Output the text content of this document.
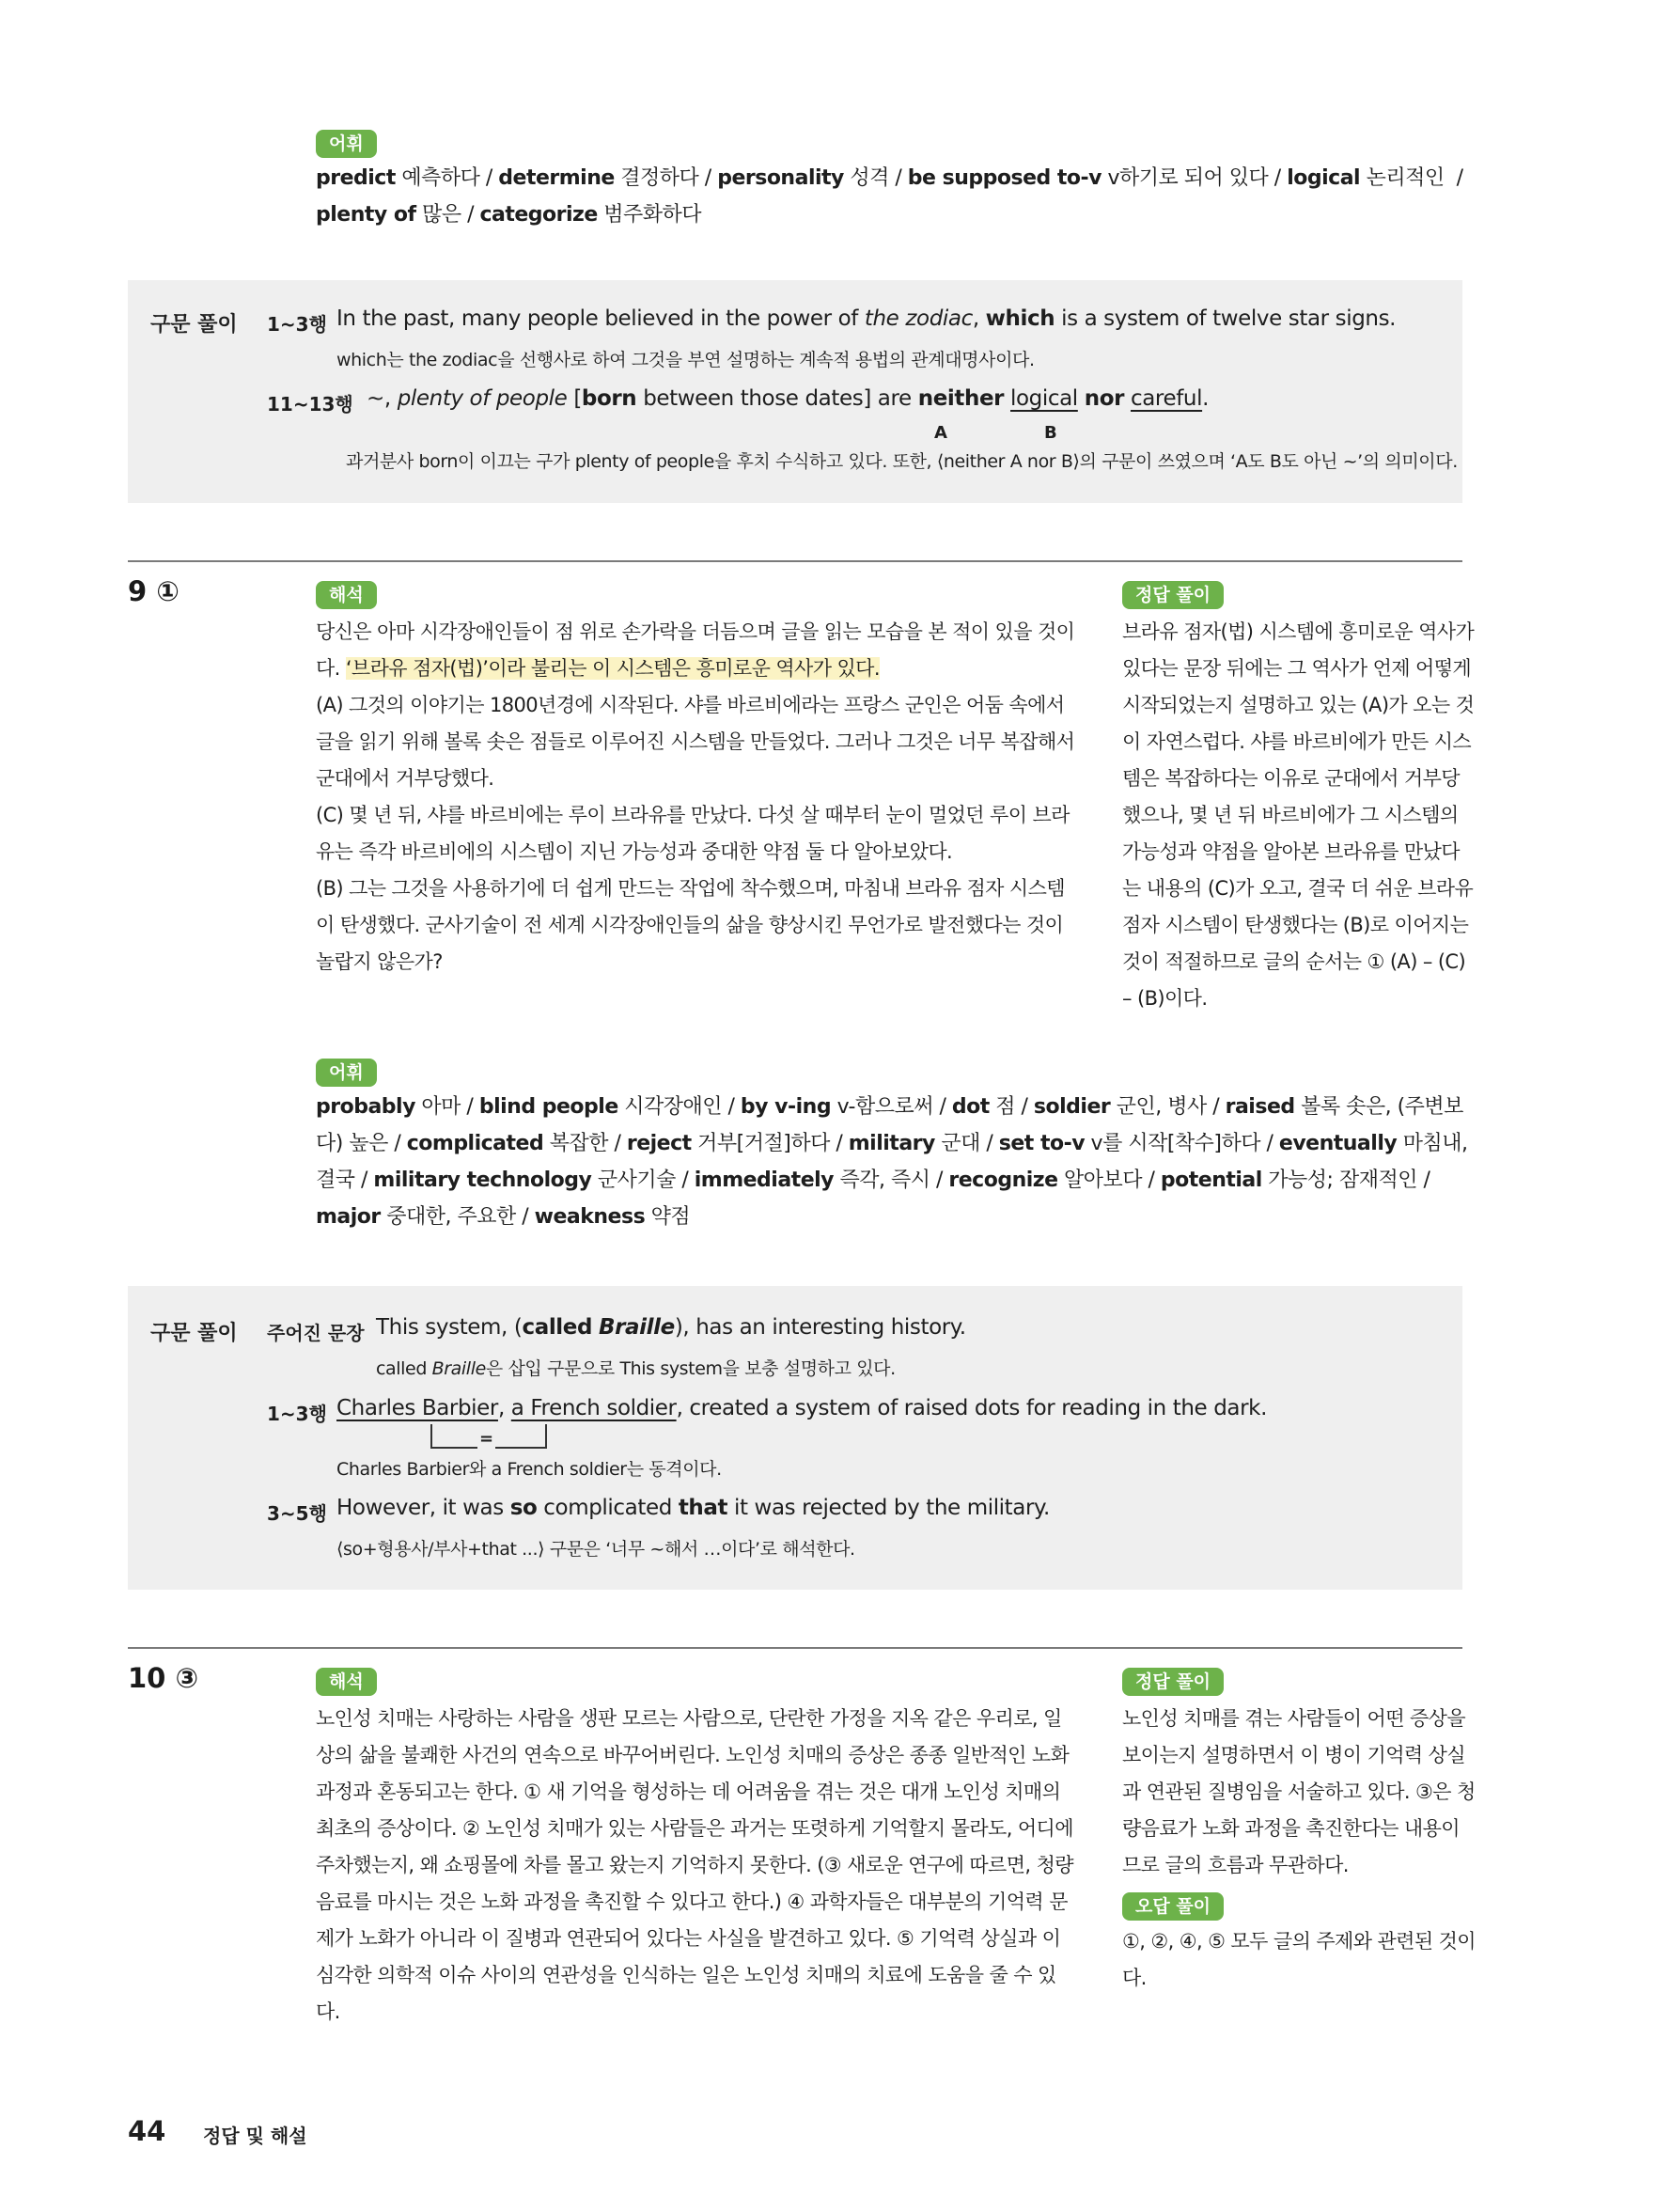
어휘

predict 예측하다 / determine 결정하다 / personality 성격 / be supposed to-v v하기로 되어 있다 / logical 논리적인  / plenty of 많은 / categorize 범주화하다

구문 풀이 1~3행 In the past, many people believed in the power of the zodiac, which is a system of twelve star signs.
which는 the zodiac을 선행사로 하여 그것을 부연 설명하는 계속적 용법의 관계대명사이다.
11~13행 ~, plenty of people [born between those dates] are neither logical nor careful.
A	B
과거분사 born이 이끄는 구가 plenty of people을 후치 수식하고 있다. 또한, ⟨neither A nor B⟩의 구문이 쓰였으며 ‘A도 B도 아닌 ~’의 의미이다.
9 ①	해석

당신은 아마 시각장애인들이 점 위로 손가락을 더듬으며 글을 읽는 모습을 본 적이 있을 것이다. ‘브라유 점자(법)’이라 불리는 이 시스템은 흥미로운 역사가 있다.
(A) 그것의 이야기는 1800년경에 시작된다. 샤를 바르비에라는 프랑스 군인은 어둠 속에서 글을 읽기 위해 볼록 솟은 점들로 이루어진 시스템을 만들었다. 그러나 그것은 너무 복잡해서 군대에서 거부당했다.
(C) 몇 년 뒤, 샤를 바르비에는 루이 브라유를 만났다. 다섯 살 때부터 눈이 멀었던 루이 브라유는 즉각 바르비에의 시스템이 지닌 가능성과 중대한 약점 둘 다 알아보았다.
(B) 그는 그것을 사용하기에 더 쉽게 만드는 작업에 착수했으며, 마침내 브라유 점자 시스템이 탄생했다. 군사기술이 전 세계 시각장애인들의 삶을 향상시킨 무언가로 발전했다는 것이 놀랍지 않은가?

정답 풀이

브라유 점자(법) 시스템에 흥미로운 역사가 있다는 문장 뒤에는 그 역사가 언제 어떻게 시작되었는지 설명하고 있는 (A)가 오는 것이 자연스럽다. 샤를 바르비에가 만든 시스템은 복잡하다는 이유로 군대에서 거부당했으나, 몇 년 뒤 바르비에가 그 시스템의 가능성과 약점을 알아본 브라유를 만났다는 내용의 (C)가 오고, 결국 더 쉬운 브라유 점자 시스템이 탄생했다는 (B)로 이어지는 것이 적절하므로 글의 순서는 ① (A) – (C) – (B)이다.

어휘

probably 아마 / blind people 시각장애인 / by v-ing v-함으로써 / dot 점 / soldier 군인, 병사 / raised 볼록 솟은, (주변보다) 높은 / complicated 복잡한 / reject 거부[거절]하다 / military 군대 / set to-v v를 시작[착수]하다 / eventually 마침내, 결국 / military technology 군사기술 / immediately 즉각, 즉시 / recognize 알아보다 / potential 가능성; 잠재적인 / major 중대한, 주요한 / weakness 약점

구문 풀이 주어진 문장 This system, (called Braille), has an interesting history.
called Braille은 삽입 구문으로 This system을 보충 설명하고 있다.
1~3행 Charles Barbier, a French soldier, created a system of raised dots for reading in the dark.
=
Charles Barbier와 a French soldier는 동격이다.
3~5행 However, it was so complicated that it was rejected by the military.
⟨so+형용사/부사+that ...⟩ 구문은 ‘너무 ~해서 …이다’로 해석한다.
10 ③	해석

노인성 치매는 사랑하는 사람을 생판 모르는 사람으로, 단란한 가정을 지옥 같은 우리로, 일상의 삶을 불쾌한 사건의 연속으로 바꾸어버린다. 노인성 치매의 증상은 종종 일반적인 노화 과정과 혼동되고는 한다. ① 새 기억을 형성하는 데 어려움을 겪는 것은 대개 노인성 치매의 최초의 증상이다. ② 노인성 치매가 있는 사람들은 과거는 또렷하게 기억할지 몰라도, 어디에 주차했는지, 왜 쇼핑몰에 차를 몰고 왔는지 기억하지 못한다. (③ 새로운 연구에 따르면, 청량음료를 마시는 것은 노화 과정을 촉진할 수 있다고 한다.) ④ 과학자들은 대부분의 기억력 문제가 노화가 아니라 이 질병과 연관되어 있다는 사실을 발견하고 있다. ⑤ 기억력 상실과 이 심각한 의학적 이슈 사이의 연관성을 인식하는 일은 노인성 치매의 치료에 도움을 줄 수 있다.

정답 풀이

노인성 치매를 겪는 사람들이 어떤 증상을 보이는지 설명하면서 이 병이 기억력 상실과 연관된 질병임을 서술하고 있다. ③은 청량음료가 노화 과정을 촉진한다는 내용이므로 글의 흐름과 무관하다.

오답 풀이

①, ②, ④, ⑤ 모두 글의 주제와 관련된 것이다.

44 정답 및 해설
